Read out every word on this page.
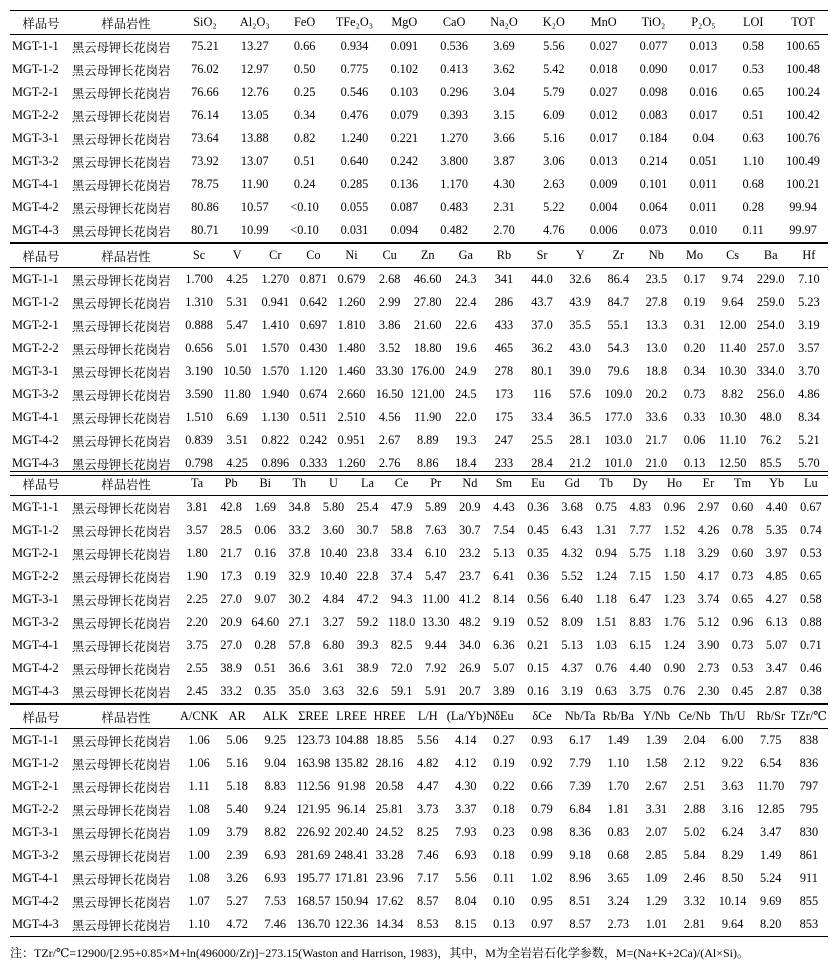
样品号	样品岩性	SiO₂	Al₂O₃	FeO	TFe₂O₃	MgO	CaO	Na₂O	K₂O	MnO	TiO₂	P₂O₅	LOI	TOT
MGT-1-1	黑云母钾长花岗岩	75.21	13.27	0.66	0.934	0.091	0.536	3.69	5.56	0.027	0.077	0.013	0.58	100.65
MGT-1-2	黑云母钾长花岗岩	76.02	12.97	0.50	0.775	0.102	0.413	3.62	5.42	0.018	0.090	0.017	0.53	100.48
MGT-2-1	黑云母钾长花岗岩	76.66	12.76	0.25	0.546	0.103	0.296	3.04	5.79	0.027	0.098	0.016	0.65	100.24
MGT-2-2	黑云母钾长花岗岩	76.14	13.05	0.34	0.476	0.079	0.393	3.15	6.09	0.012	0.083	0.017	0.51	100.42
MGT-3-1	黑云母钾长花岗岩	73.64	13.88	0.82	1.240	0.221	1.270	3.66	5.16	0.017	0.184	0.04	0.63	100.76
MGT-3-2	黑云母钾长花岗岩	73.92	13.07	0.51	0.640	0.242	3.800	3.87	3.06	0.013	0.214	0.051	1.10	100.49
MGT-4-1	黑云母钾长花岗岩	78.75	11.90	0.24	0.285	0.136	1.170	4.30	2.63	0.009	0.101	0.011	0.68	100.21
MGT-4-2	黑云母钾长花岗岩	80.86	10.57	<0.10	0.055	0.087	0.483	2.31	5.22	0.004	0.064	0.011	0.28	99.94
MGT-4-3	黑云母钾长花岗岩	80.71	10.99	<0.10	0.031	0.094	0.482	2.70	4.76	0.006	0.073	0.010	0.11	99.97
样品号	样品岩性	Sc	V	Cr	Co	Ni	Cu	Zn	Ga	Rb	Sr	Y	Zr	Nb	Mo	Cs	Ba	Hf
MGT-1-1	黑云母钾长花岗岩	1.700	4.25	1.270	0.871	0.679	2.68	46.60	24.3	341	44.0	32.6	86.4	23.5	0.17	9.74	229.0	7.10
MGT-1-2	黑云母钾长花岗岩	1.310	5.31	0.941	0.642	1.260	2.99	27.80	22.4	286	43.7	43.9	84.7	27.8	0.19	9.64	259.0	5.23
MGT-2-1	黑云母钾长花岗岩	0.888	5.47	1.410	0.697	1.810	3.86	21.60	22.6	433	37.0	35.5	55.1	13.3	0.31	12.00	254.0	3.19
MGT-2-2	黑云母钾长花岗岩	0.656	5.01	1.570	0.430	1.480	3.52	18.80	19.6	465	36.2	43.0	54.3	13.0	0.20	11.40	257.0	3.57
MGT-3-1	黑云母钾长花岗岩	3.190	10.50	1.570	1.120	1.460	33.30	176.00	24.9	278	80.1	39.0	79.6	18.8	0.34	10.30	334.0	3.70
MGT-3-2	黑云母钾长花岗岩	3.590	11.80	1.940	0.674	2.660	16.50	121.00	24.5	173	116	57.6	109.0	20.2	0.73	8.82	256.0	4.86
MGT-4-1	黑云母钾长花岗岩	1.510	6.69	1.130	0.511	2.510	4.56	11.90	22.0	175	33.4	36.5	177.0	33.6	0.33	10.30	48.0	8.34
MGT-4-2	黑云母钾长花岗岩	0.839	3.51	0.822	0.242	0.951	2.67	8.89	19.3	247	25.5	28.1	103.0	21.7	0.06	11.10	76.2	5.21
MGT-4-3	黑云母钾长花岗岩	0.798	4.25	0.896	0.333	1.260	2.76	8.86	18.4	233	28.4	21.2	101.0	21.0	0.13	12.50	85.5	5.70
样品号	样品岩性	Ta	Pb	Bi	Th	U	La	Ce	Pr	Nd	Sm	Eu	Gd	Tb	Dy	Ho	Er	Tm	Yb	Lu
MGT-1-1	黑云母钾长花岗岩	3.81	42.8	1.69	34.8	5.80	25.4	47.9	5.89	20.9	4.43	0.36	3.68	0.75	4.83	0.96	2.97	0.60	4.40	0.67
MGT-1-2	黑云母钾长花岗岩	3.57	28.5	0.06	33.2	3.60	30.7	58.8	7.63	30.7	7.54	0.45	6.43	1.31	7.77	1.52	4.26	0.78	5.35	0.74
MGT-2-1	黑云母钾长花岗岩	1.80	21.7	0.16	37.8	10.40	23.8	33.4	6.10	23.2	5.13	0.35	4.32	0.94	5.75	1.18	3.29	0.60	3.97	0.53
MGT-2-2	黑云母钾长花岗岩	1.90	17.3	0.19	32.9	10.40	22.8	37.4	5.47	23.7	6.41	0.36	5.52	1.24	7.15	1.50	4.17	0.73	4.85	0.65
MGT-3-1	黑云母钾长花岗岩	2.25	27.0	9.07	30.2	4.84	47.2	94.3	11.00	41.2	8.14	0.56	6.40	1.18	6.47	1.23	3.74	0.65	4.27	0.58
MGT-3-2	黑云母钾长花岗岩	2.20	20.9	64.60	27.1	3.27	59.2	118.0	13.30	48.2	9.19	0.52	8.09	1.51	8.83	1.76	5.12	0.96	6.13	0.88
MGT-4-1	黑云母钾长花岗岩	3.75	27.0	0.28	57.8	6.80	39.3	82.5	9.44	34.0	6.36	0.21	5.13	1.03	6.15	1.24	3.90	0.73	5.07	0.71
MGT-4-2	黑云母钾长花岗岩	2.55	38.9	0.51	36.6	3.61	38.9	72.0	7.92	26.9	5.07	0.15	4.37	0.76	4.40	0.90	2.73	0.53	3.47	0.46
MGT-4-3	黑云母钾长花岗岩	2.45	33.2	0.35	35.0	3.63	32.6	59.1	5.91	20.7	3.89	0.16	3.19	0.63	3.75	0.76	2.30	0.45	2.87	0.38
样品号	样品岩性	A/CNK	AR	ALK	ΣREE	LREE	HREE	L/H	(La/Yb)N	δEu	δCe	Nb/Ta	Rb/Ba	Y/Nb	Ce/Nb	Th/U	Rb/Sr	TZr/℃
MGT-1-1	黑云母钾长花岗岩	1.06	5.06	9.25	123.73	104.88	18.85	5.56	4.14	0.27	0.93	6.17	1.49	1.39	2.04	6.00	7.75	838
MGT-1-2	黑云母钾长花岗岩	1.06	5.16	9.04	163.98	135.82	28.16	4.82	4.12	0.19	0.92	7.79	1.10	1.58	2.12	9.22	6.54	836
MGT-2-1	黑云母钾长花岗岩	1.11	5.18	8.83	112.56	91.98	20.58	4.47	4.30	0.22	0.66	7.39	1.70	2.67	2.51	3.63	11.70	797
MGT-2-2	黑云母钾长花岗岩	1.08	5.40	9.24	121.95	96.14	25.81	3.73	3.37	0.18	0.79	6.84	1.81	3.31	2.88	3.16	12.85	795
MGT-3-1	黑云母钾长花岗岩	1.09	3.79	8.82	226.92	202.40	24.52	8.25	7.93	0.23	0.98	8.36	0.83	2.07	5.02	6.24	3.47	830
MGT-3-2	黑云母钾长花岗岩	1.00	2.39	6.93	281.69	248.41	33.28	7.46	6.93	0.18	0.99	9.18	0.68	2.85	5.84	8.29	1.49	861
MGT-4-1	黑云母钾长花岗岩	1.08	3.26	6.93	195.77	171.81	23.96	7.17	5.56	0.11	1.02	8.96	3.65	1.09	2.46	8.50	5.24	911
MGT-4-2	黑云母钾长花岗岩	1.07	5.27	7.53	168.57	150.94	17.62	8.57	8.04	0.10	0.95	8.51	3.24	1.29	3.32	10.14	9.69	855
MGT-4-3	黑云母钾长花岗岩	1.10	4.72	7.46	136.70	122.36	14.34	8.53	8.15	0.13	0.97	8.57	2.73	1.01	2.81	9.64	8.20	853
注：TZr/℃=12900/[2.95+0.85×M+ln(496000/Zr)]−273.15(Waston and Harrison, 1983)，其中，M为全岩岩石化学参数，M=(Na+K+2Ca)/(Al×Si)。
